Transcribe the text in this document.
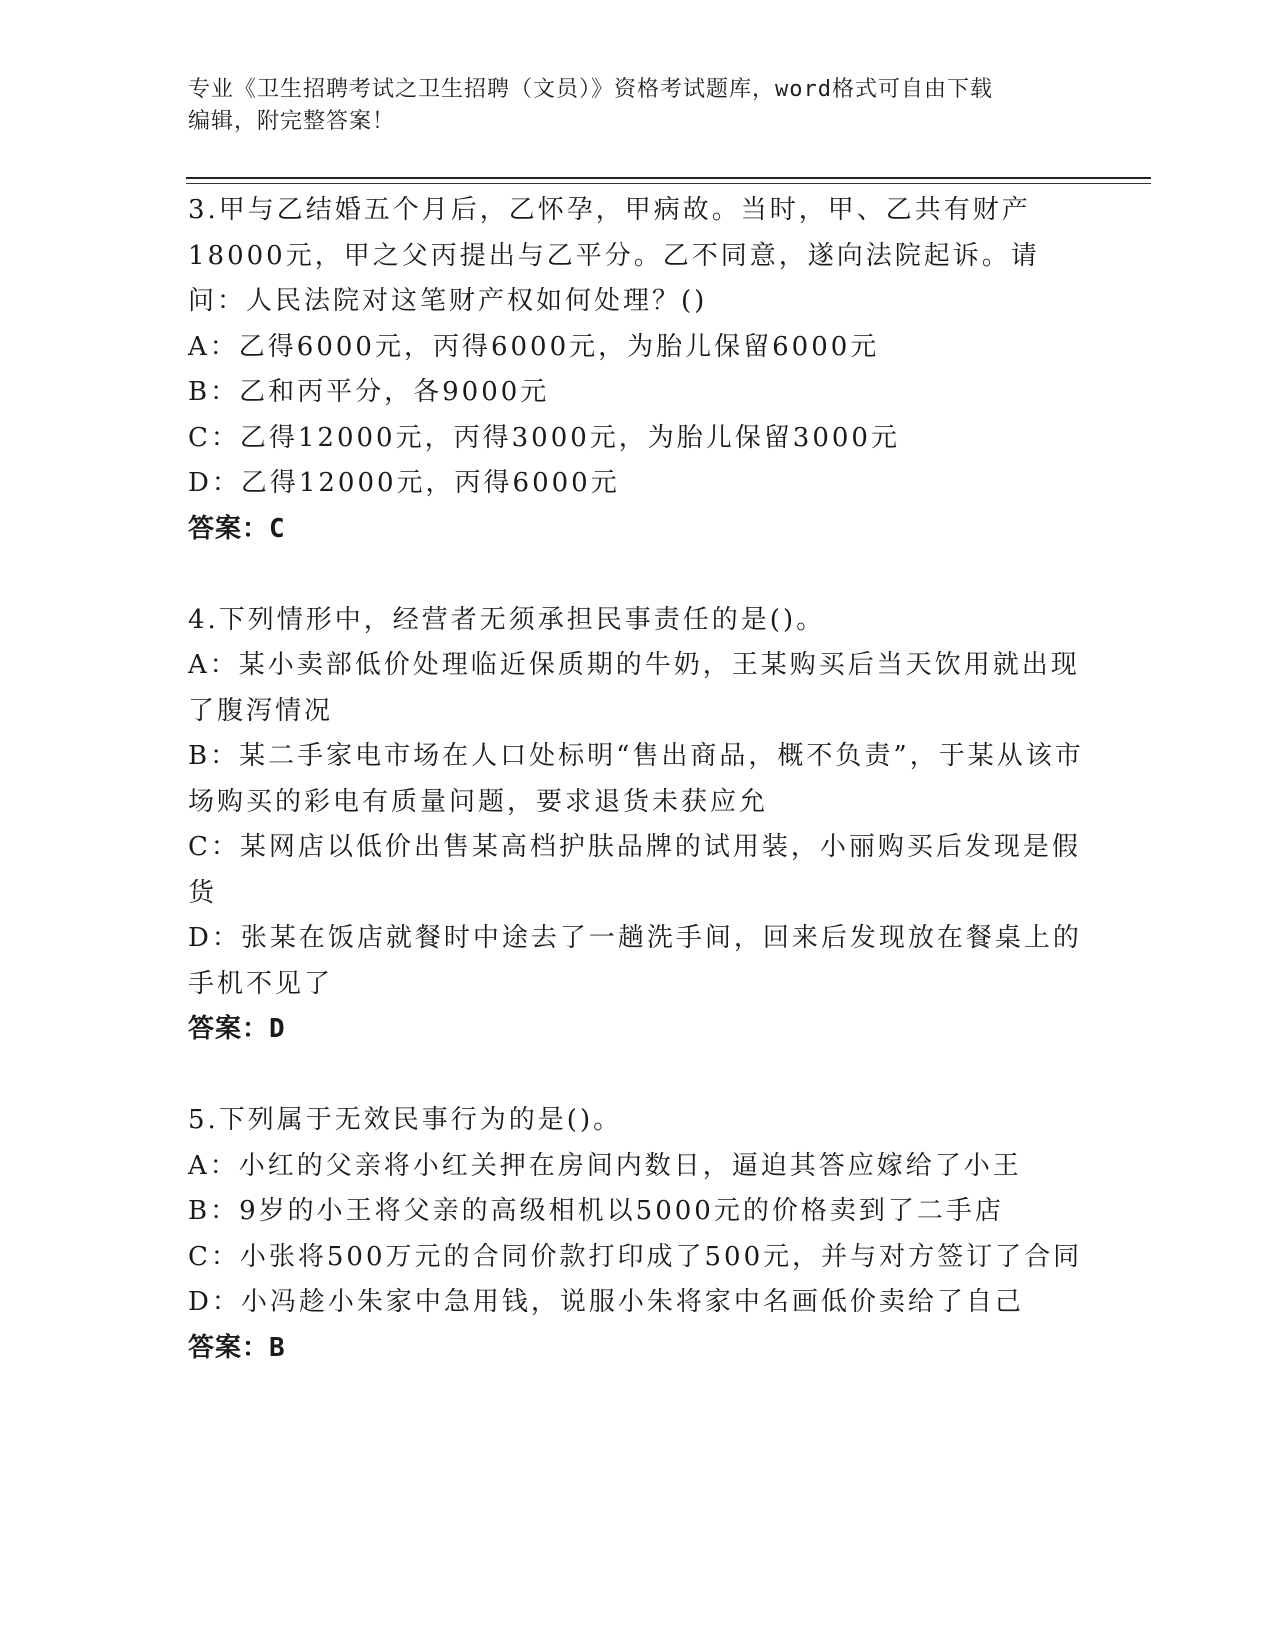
专业《卫生招聘考试之卫生招聘（文员）》资格考试题库，word格式可自由下载
编辑，附完整答案！

3.甲与乙结婚五个月后，乙怀孕，甲病故。当时，甲、乙共有财产18000元，甲之父丙提出与乙平分。乙不同意，遂向法院起诉。请问：人民法院对这笔财产权如何处理？()

A：乙得6000元，丙得6000元，为胎儿保留6000元

B：乙和丙平分，各9000元

C：乙得12000元，丙得3000元，为胎儿保留3000元

D：乙得12000元，丙得6000元

答案：C

4.下列情形中，经营者无须承担民事责任的是()。

A：某小卖部低价处理临近保质期的牛奶，王某购买后当天饮用就出现了腹泻情况

B：某二手家电市场在人口处标明“售出商品，概不负责”，于某从该市场购买的彩电有质量问题，要求退货未获应允

C：某网店以低价出售某高档护肤品牌的试用装，小丽购买后发现是假货

D：张某在饭店就餐时中途去了一趟洗手间，回来后发现放在餐桌上的手机不见了

答案：D

5.下列属于无效民事行为的是()。

A：小红的父亲将小红关押在房间内数日，逼迫其答应嫁给了小王

B：9岁的小王将父亲的高级相机以5000元的价格卖到了二手店

C：小张将500万元的合同价款打印成了500元，并与对方签订了合同

D：小冯趁小朱家中急用钱，说服小朱将家中名画低价卖给了自己

答案：B
